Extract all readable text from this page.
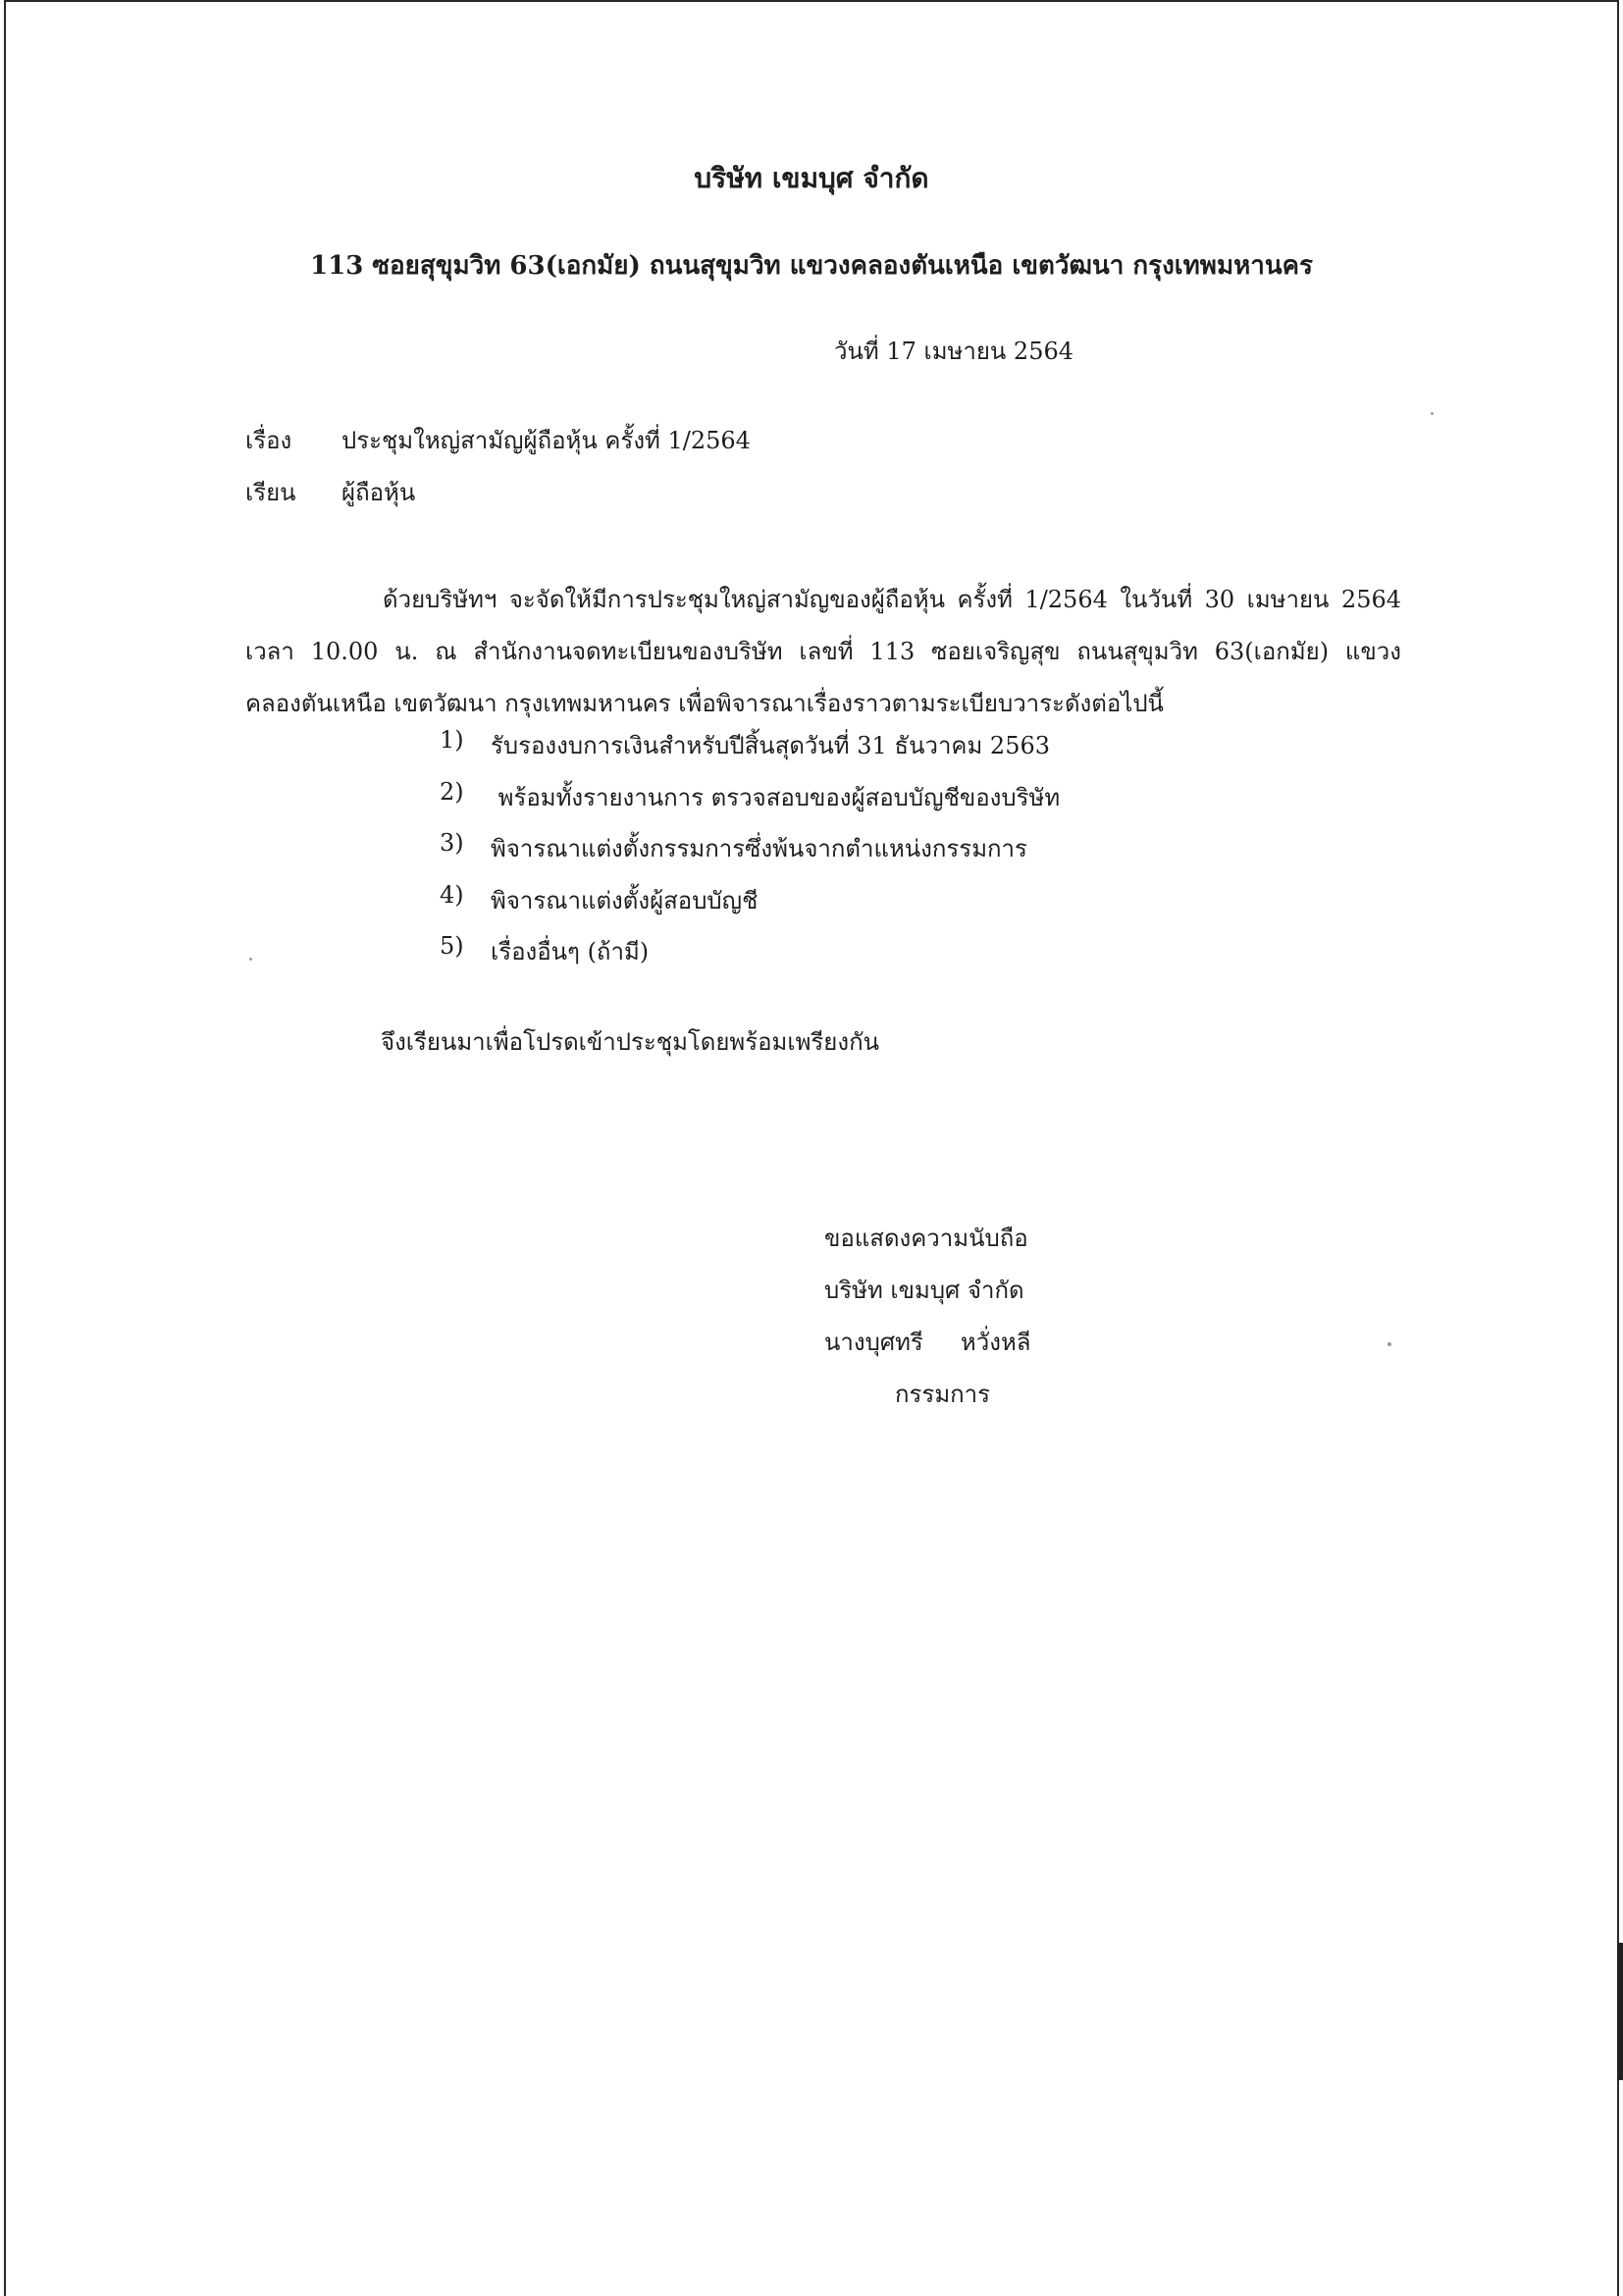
บริษัท เขมบุศ จำกัด
113 ซอยสุขุมวิท 63(เอกมัย) ถนนสุขุมวิท แขวงคลองตันเหนือ เขตวัฒนา กรุงเทพมหานคร
วันที่ 17 เมษายน 2564
เรื่อง ประชุมใหญ่สามัญผู้ถือหุ้น ครั้งที่ 1/2564
เรียน ผู้ถือหุ้น
ด้วยบริษัทฯ จะจัดให้มีการประชุมใหญ่สามัญของผู้ถือหุ้น ครั้งที่ 1/2564 ในวันที่ 30 เมษายน 2564
เวลา 10.00 น. ณ สำนักงานจดทะเบียนของบริษัท เลขที่ 113 ซอยเจริญสุข ถนนสุขุมวิท 63(เอกมัย) แขวง
คลองตันเหนือ เขตวัฒนา กรุงเทพมหานคร เพื่อพิจารณาเรื่องราวตามระเบียบวาระดังต่อไปนี้
1)	รับรองงบการเงินสำหรับปีสิ้นสุดวันที่ 31 ธันวาคม 2563
2)	พร้อมทั้งรายงานการ ตรวจสอบของผู้สอบบัญชีของบริษัท
3)	พิจารณาแต่งตั้งกรรมการซึ่งพ้นจากตำแหน่งกรรมการ
4)	พิจารณาแต่งตั้งผู้สอบบัญชี
5)	เรื่องอื่นๆ (ถ้ามี)
จึงเรียนมาเพื่อโปรดเข้าประชุมโดยพร้อมเพรียงกัน
ขอแสดงความนับถือ
บริษัท เขมบุศ จำกัด
นางบุศทรี     หวั่งหลี
กรรมการ
